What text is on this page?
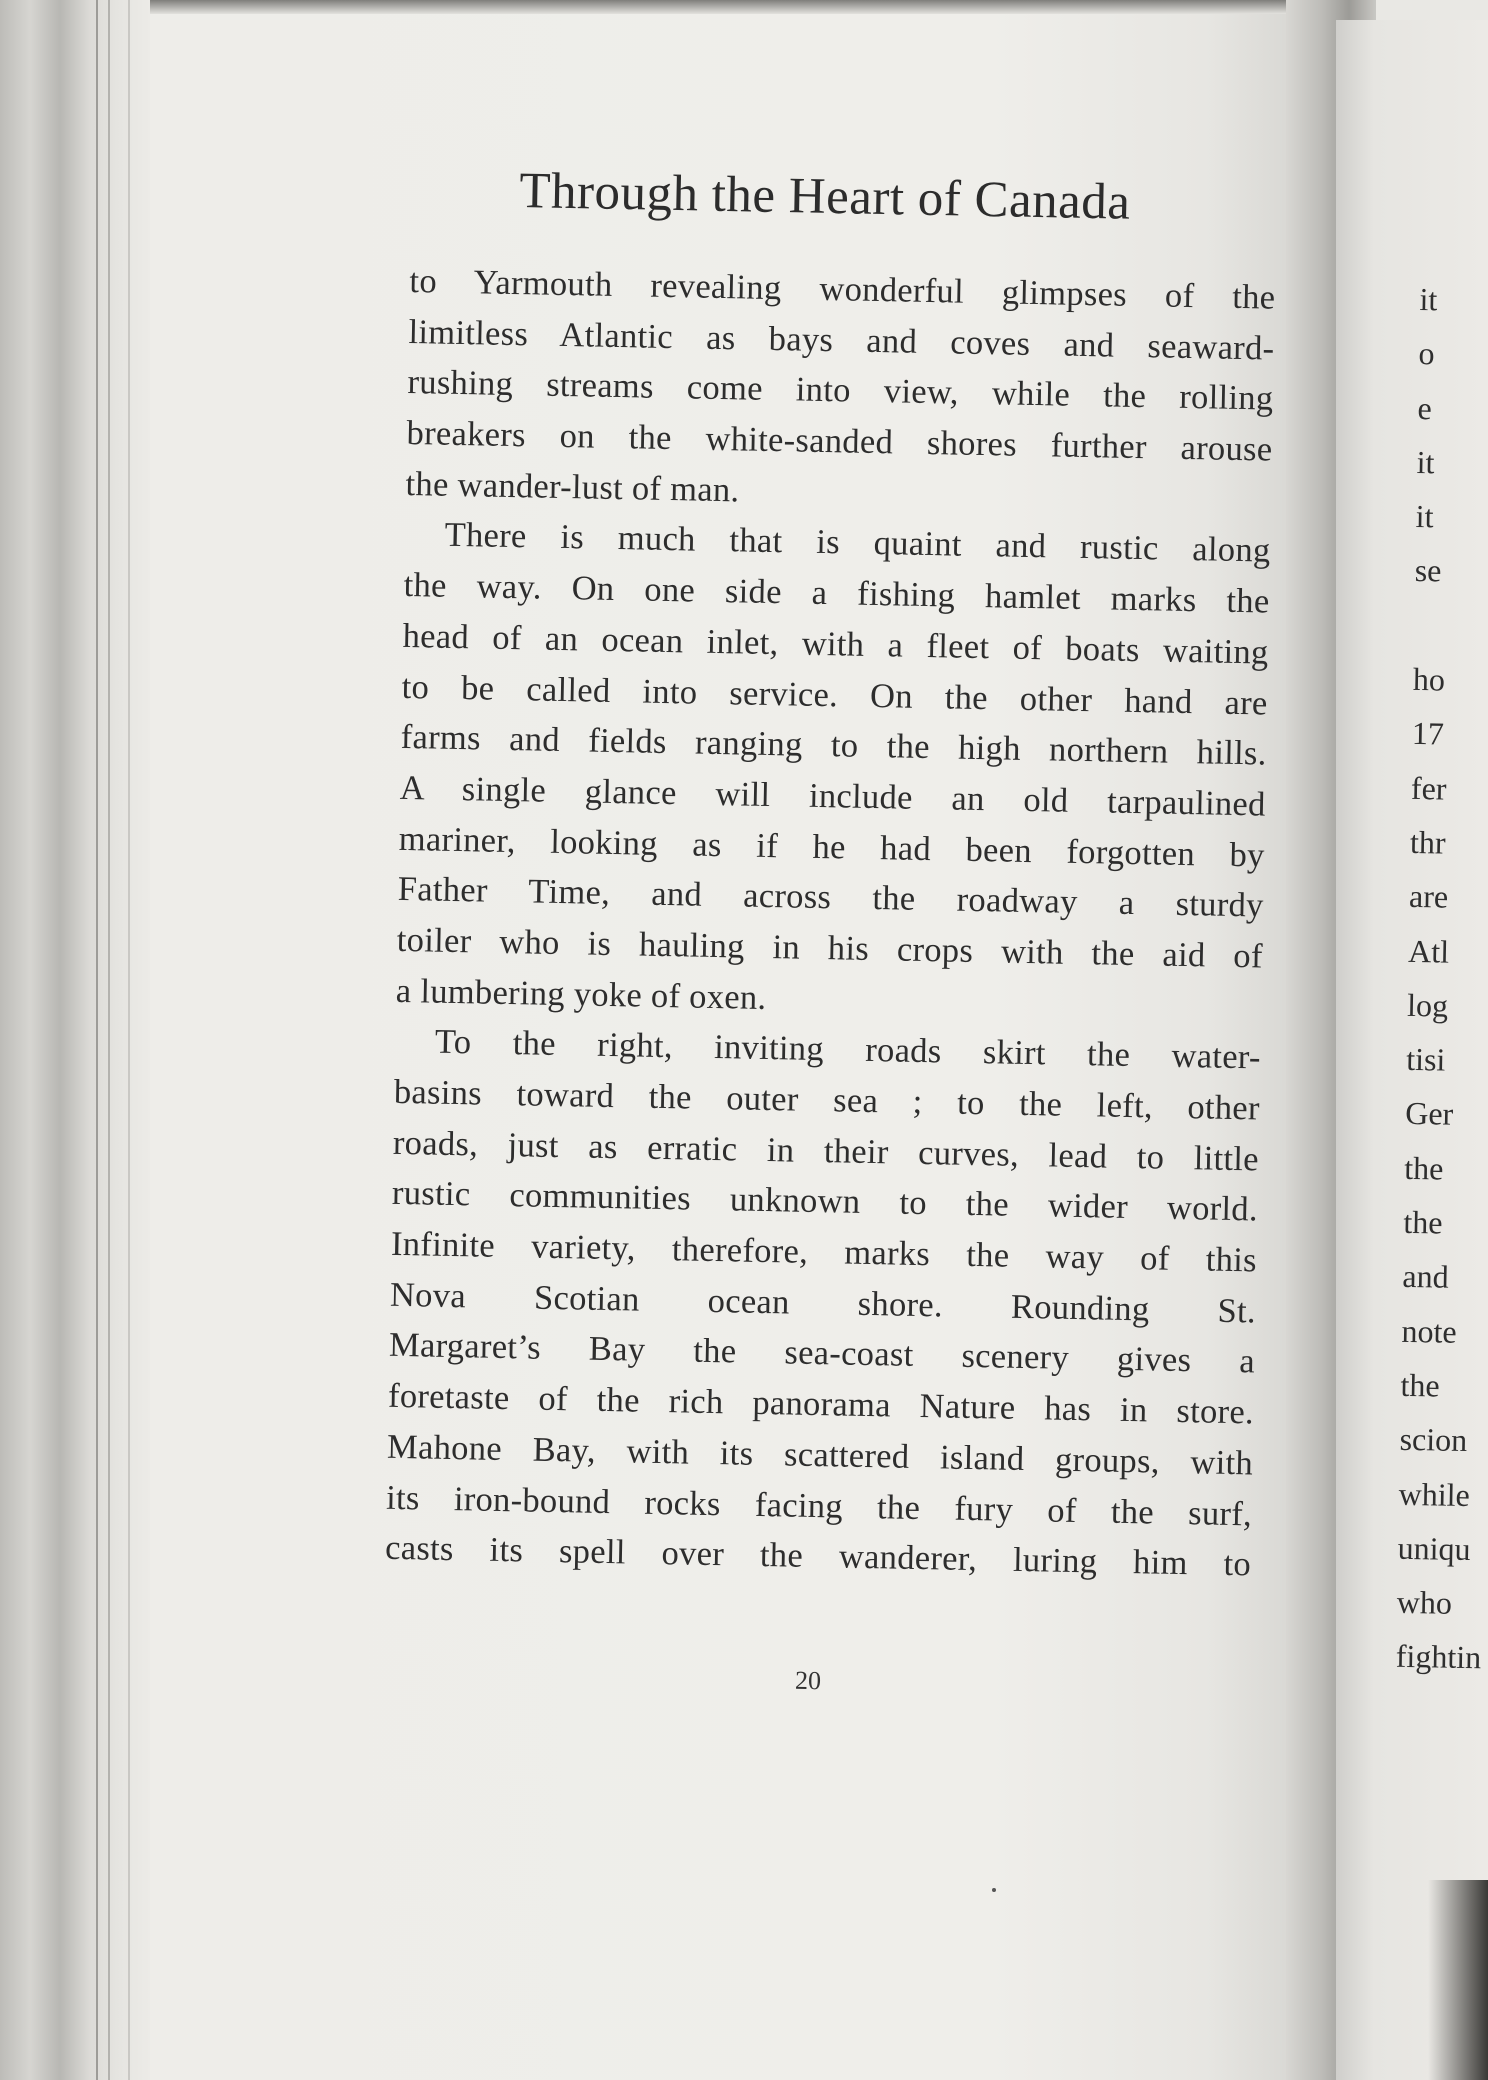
Through the Heart of Canada
to Yarmouth revealing wonderful glimpses of the
limitless Atlantic as bays and coves and seaward-
rushing streams come into view, while the rolling
breakers on the white-sanded shores further arouse
the wander-lust of man.
There is much that is quaint and rustic along
the way. On one side a fishing hamlet marks the
head of an ocean inlet, with a fleet of boats waiting
to be called into service. On the other hand are
farms and fields ranging to the high northern hills.
A single glance will include an old tarpaulined
mariner, looking as if he had been forgotten by
Father Time, and across the roadway a sturdy
toiler who is hauling in his crops with the aid of
a lumbering yoke of oxen.
To the right, inviting roads skirt the water-
basins toward the outer sea ; to the left, other
roads, just as erratic in their curves, lead to little
rustic communities unknown to the wider world.
Infinite variety, therefore, marks the way of this
Nova Scotian ocean shore. Rounding St.
Margaret’s Bay the sea-coast scenery gives a
foretaste of the rich panorama Nature has in store.
Mahone Bay, with its scattered island groups, with
its iron-bound rocks facing the fury of the surf,
casts its spell over the wanderer, luring him to
20
it
o
e
it
it
se
ho
17
fer
thr
are
Atl
log
tisi
Ger
the
the
and
note
the
scion
while
uniqu
who
fightin
